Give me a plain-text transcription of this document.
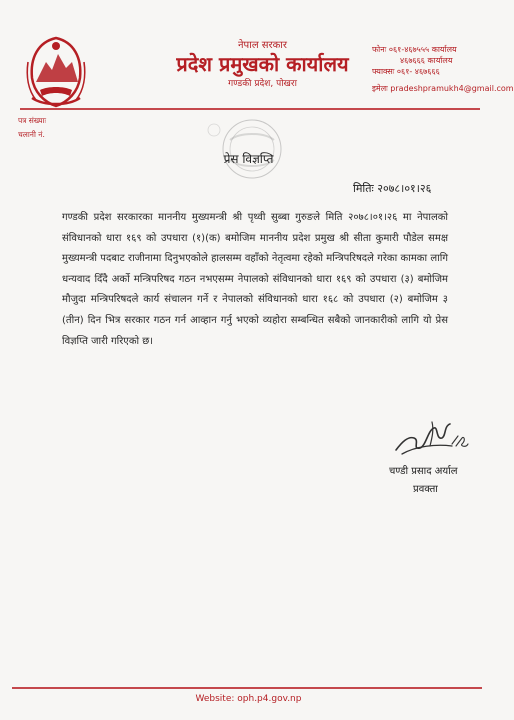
नेपाल सरकार
प्रदेश प्रमुखको कार्यालय
गण्डकी प्रदेश, पोखरा
फोनः ०६१-४६७५५५ कार्यालय
४६७६६६ कार्यालय
फ्याक्सः ०६१- ४६७६६६
इमेलः pradeshpramukh4@gmail.com
पत्र संख्याः
चलानी नं.
प्रेस विज्ञप्ति
मितिः २०७८।०१।२६
गण्डकी प्रदेश सरकारका माननीय मुख्यमन्त्री श्री पृथ्वी सुब्बा गुरुङले मिति २०७८।०१।२६ मा नेपालको संविधानको धारा १६९ को उपधारा (१)(क) बमोजिम माननीय प्रदेश प्रमुख श्री सीता कुमारी पौडेल समक्ष मुख्यमन्त्री पदबाट राजीनामा दिनुभएकोले हालसम्म वहाँको नेतृत्वमा रहेको मन्त्रिपरिषदले गरेका कामका लागि धन्यवाद दिँदै अर्को मन्त्रिपरिषद गठन नभएसम्म नेपालको संविधानको धारा १६९ को उपधारा (३) बमोजिम मौजुदा मन्त्रिपरिषदले कार्य संचालन गर्ने र नेपालको संविधानको धारा १६८ को उपधारा (२) बमोजिम ३ (तीन) दिन भित्र सरकार गठन गर्न आव्हान गर्नु भएको व्यहोरा सम्बन्धित सबैको जानकारीको लागि यो प्रेस विज्ञप्ति जारी गरिएको छ।
चण्डी प्रसाद अर्याल
प्रवक्ता
Website: oph.p4.gov.np
